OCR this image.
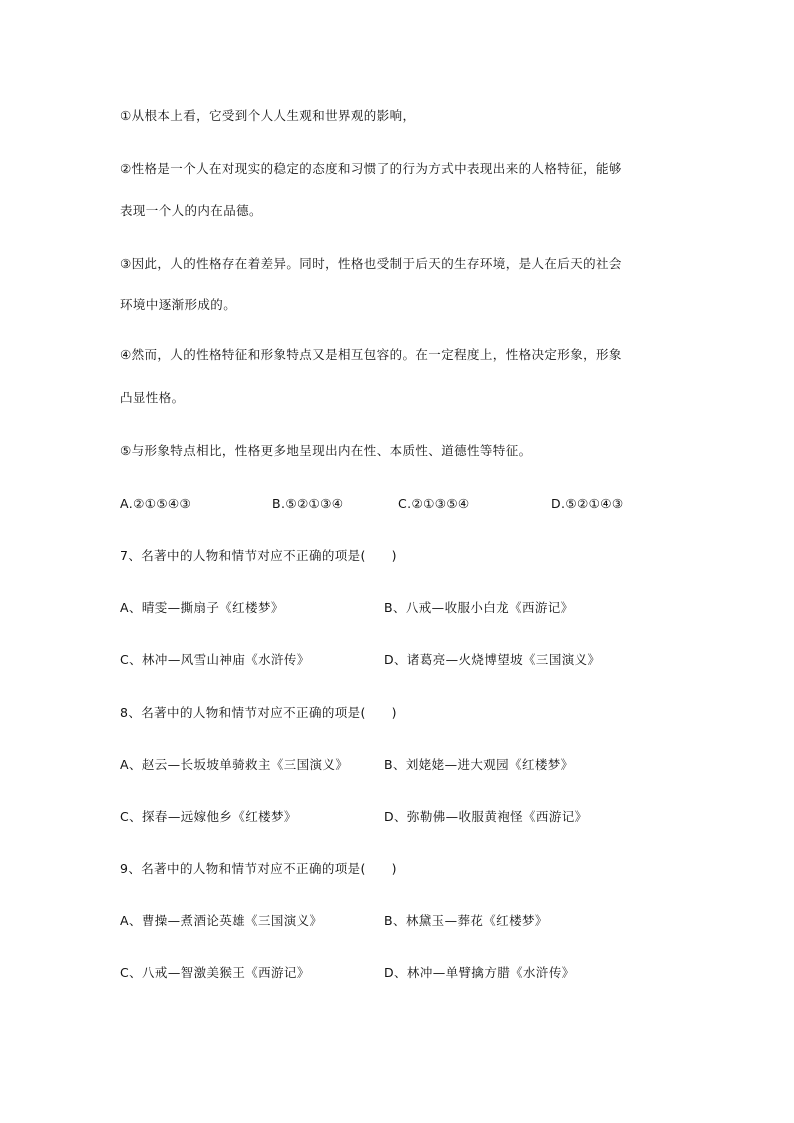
①从根本上看，它受到个人人生观和世界观的影响，
②性格是一个人在对现实的稳定的态度和习惯了的行为方式中表现出来的人格特征，能够
表现一个人的内在品德。
③因此，人的性格存在着差异。同时，性格也受制于后天的生存环境，是人在后天的社会
环境中逐渐形成的。
④然而，人的性格特征和形象特点又是相互包容的。在一定程度上，性格决定形象，形象
凸显性格。
⑤与形象特点相比，性格更多地呈现出内在性、本质性、道德性等特征。
A.②①⑤④③	B.⑤②①③④	C.②①③⑤④	D.⑤②①④③
7、名著中的人物和情节对应不正确的项是(　　)
A、晴雯—撕扇子《红楼梦》	B、八戒—收服小白龙《西游记》
C、林冲—风雪山神庙《水浒传》	D、诸葛亮—火烧博望坡《三国演义》
8、名著中的人物和情节对应不正确的项是(　　)
A、赵云—长坂坡单骑救主《三国演义》	B、刘姥姥—进大观园《红楼梦》
C、探春—远嫁他乡《红楼梦》	D、弥勒佛—收服黄袍怪《西游记》
9、名著中的人物和情节对应不正确的项是(　　)
A、曹操—煮酒论英雄《三国演义》	B、林黛玉—葬花《红楼梦》
C、八戒—智激美猴王《西游记》	D、林冲—单臂擒方腊《水浒传》
